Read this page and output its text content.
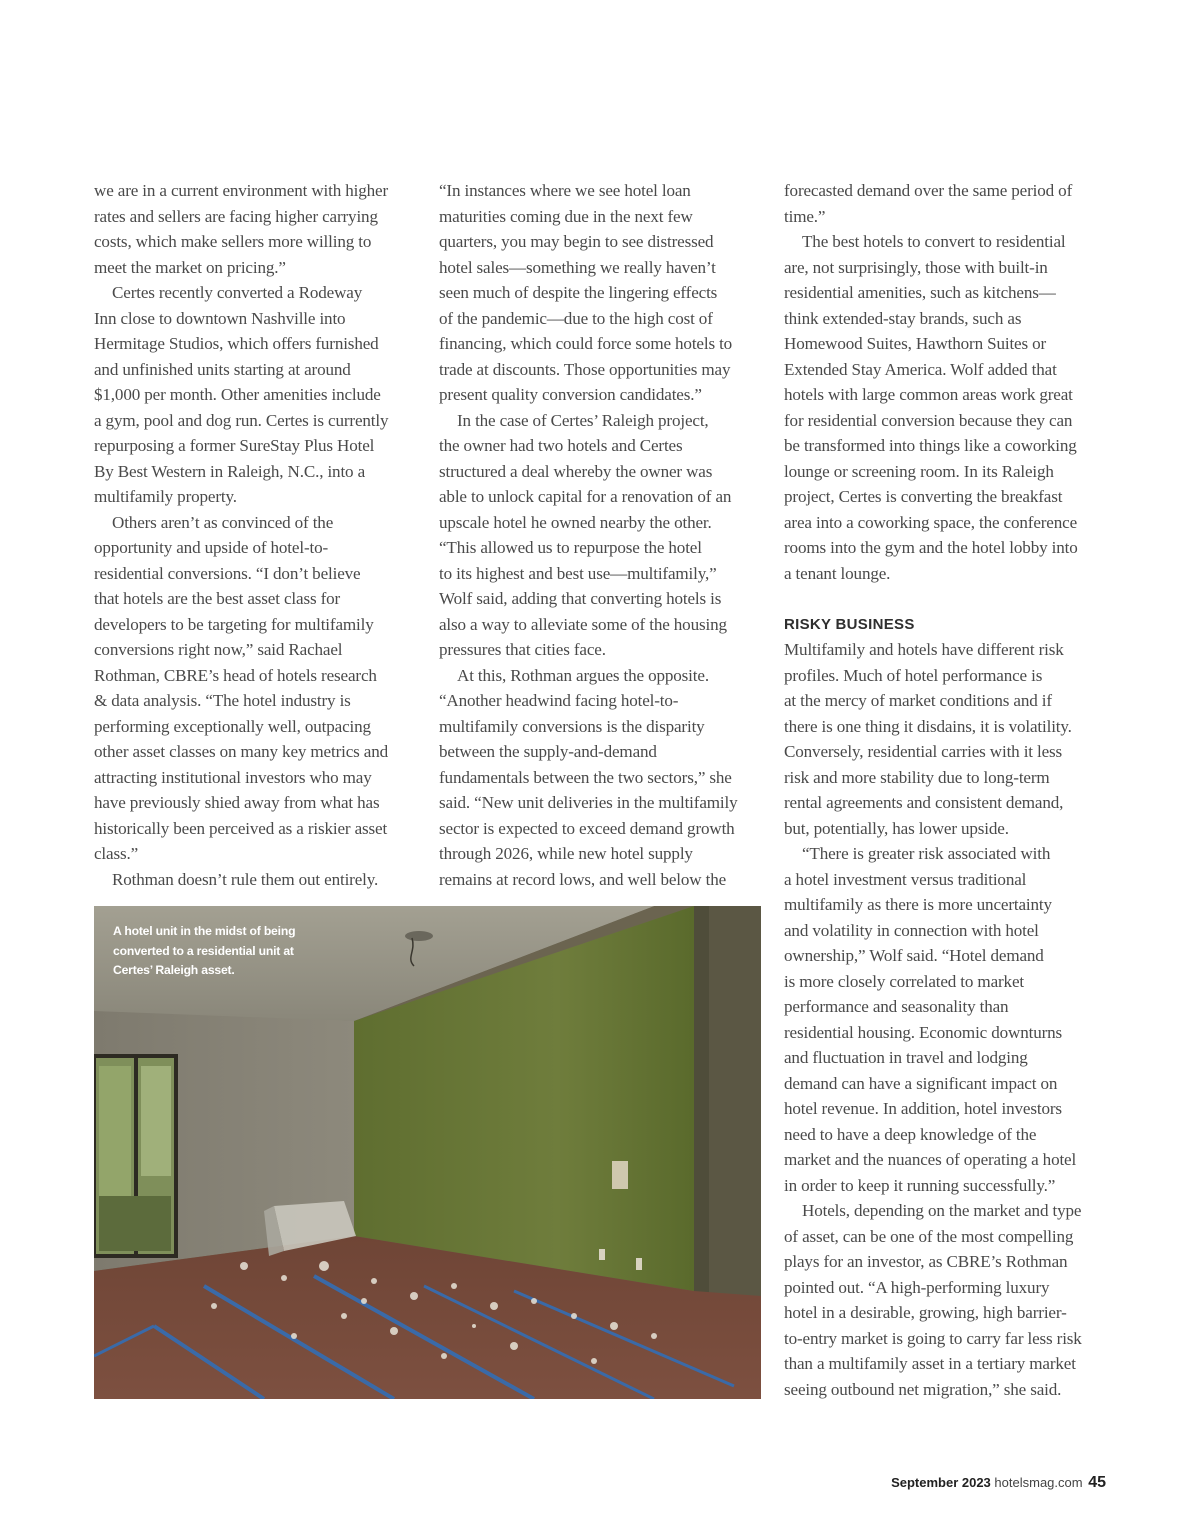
we are in a current environment with higher

rates and sellers are facing higher carrying

costs, which make sellers more willing to

meet the market on pricing.”

Certes recently converted a Rodeway

Inn close to downtown Nashville into

Hermitage Studios, which offers furnished

and unfinished units starting at around

$1,000 per month. Other amenities include

a gym, pool and dog run. Certes is currently

repurposing a former SureStay Plus Hotel

By Best Western in Raleigh, N.C., into a

multifamily property.

Others aren’t as convinced of the

opportunity and upside of hotel-to-

residential conversions. “I don’t believe

that hotels are the best asset class for

developers to be targeting for multifamily

conversions right now,” said Rachael

Rothman, CBRE’s head of hotels research

& data analysis. “The hotel industry is

performing exceptionally well, outpacing

other asset classes on many key metrics and

attracting institutional investors who may

have previously shied away from what has

historically been perceived as a riskier asset

class.”

Rothman doesn’t rule them out entirely.

“In instances where we see hotel loan

maturities coming due in the next few

quarters, you may begin to see distressed

hotel sales—something we really haven’t

seen much of despite the lingering effects

of the pandemic—due to the high cost of

financing, which could force some hotels to

trade at discounts. Those opportunities may

present quality conversion candidates.”

In the case of Certes’ Raleigh project,

the owner had two hotels and Certes

structured a deal whereby the owner was

able to unlock capital for a renovation of an

upscale hotel he owned nearby the other.

“This allowed us to repurpose the hotel

to its highest and best use—multifamily,”

Wolf said, adding that converting hotels is

also a way to alleviate some of the housing

pressures that cities face.

At this, Rothman argues the opposite.

“Another headwind facing hotel-to-

multifamily conversions is the disparity

between the supply-and-demand

fundamentals between the two sectors,” she

said. “New unit deliveries in the multifamily

sector is expected to exceed demand growth

through 2026, while new hotel supply

remains at record lows, and well below the

forecasted demand over the same period of

time.”

The best hotels to convert to residential

are, not surprisingly, those with built-in

residential amenities, such as kitchens—

think extended-stay brands, such as

Homewood Suites, Hawthorn Suites or

Extended Stay America. Wolf added that

hotels with large common areas work great

for residential conversion because they can

be transformed into things like a coworking

lounge or screening room. In its Raleigh

project, Certes is converting the breakfast

area into a coworking space, the conference

rooms into the gym and the hotel lobby into

a tenant lounge.

RISKY BUSINESS

Multifamily and hotels have different risk

profiles. Much of hotel performance is

at the mercy of market conditions and if

there is one thing it disdains, it is volatility.

Conversely, residential carries with it less

risk and more stability due to long-term

rental agreements and consistent demand,

but, potentially, has lower upside.

“There is greater risk associated with

a hotel investment versus traditional

multifamily as there is more uncertainty

and volatility in connection with hotel

ownership,” Wolf said. “Hotel demand

is more closely correlated to market

performance and seasonality than

residential housing. Economic downturns

and fluctuation in travel and lodging

demand can have a significant impact on

hotel revenue. In addition, hotel investors

need to have a deep knowledge of the

market and the nuances of operating a hotel

in order to keep it running successfully.”

Hotels, depending on the market and type

of asset, can be one of the most compelling

plays for an investor, as CBRE’s Rothman

pointed out. “A high-performing luxury

hotel in a desirable, growing, high barrier-

to-entry market is going to carry far less risk

than a multifamily asset in a tertiary market

seeing outbound net migration,” she said.

A hotel unit in the midst of being
converted to a residential unit at
Certes’ Raleigh asset.
September 2023 hotelsmag.com 45
